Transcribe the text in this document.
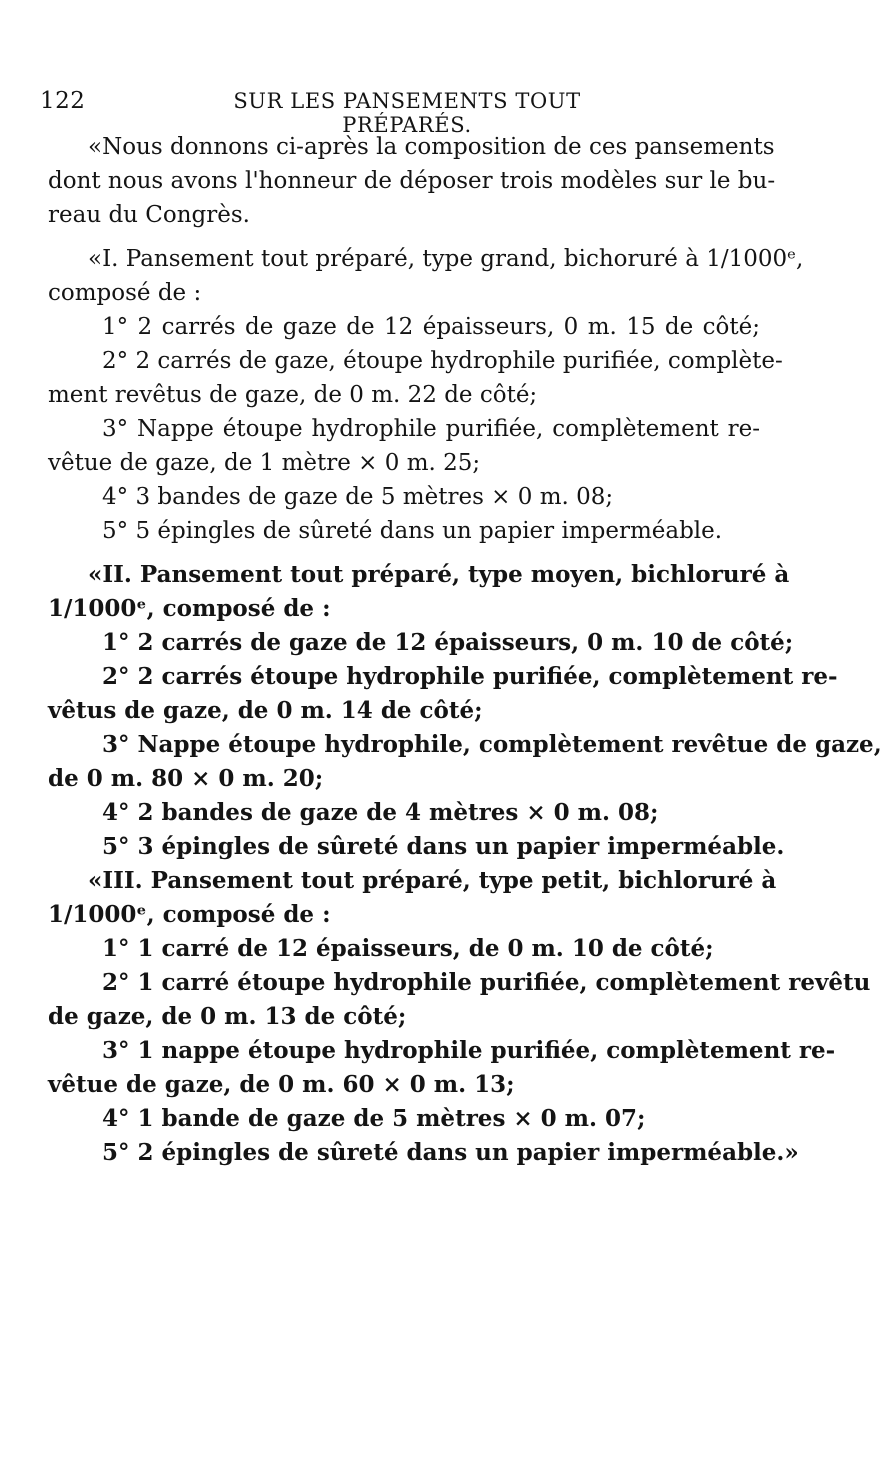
122	SUR LES PANSEMENTS TOUT PRÉPARÉS.
«Nous donnons ci-après la composition de ces pansements
dont nous avons l'honneur de déposer trois modèles sur le bu-
reau du Congrès.
«I. Pansement tout préparé, type grand, bichoruré à 1/1000ᵉ,
composé de :
1° 2 carrés de gaze de 12 épaisseurs, 0 m. 15 de côté;
2° 2 carrés de gaze, étoupe hydrophile purifiée, complète-
ment revêtus de gaze, de 0 m. 22 de côté;
3° Nappe étoupe hydrophile purifiée, complètement re-
vêtue de gaze, de 1 mètre × 0 m. 25;
4° 3 bandes de gaze de 5 mètres × 0 m. 08;
5° 5 épingles de sûreté dans un papier imperméable.
«II. Pansement tout préparé, type moyen, bichloruré à
1/1000ᵉ, composé de :
1° 2 carrés de gaze de 12 épaisseurs, 0 m. 10 de côté;
2° 2 carrés étoupe hydrophile purifiée, complètement re-
vêtus de gaze, de 0 m. 14 de côté;
3° Nappe étoupe hydrophile, complètement revêtue de gaze,
de 0 m. 80 × 0 m. 20;
4° 2 bandes de gaze de 4 mètres × 0 m. 08;
5° 3 épingles de sûreté dans un papier imperméable.
«III. Pansement tout préparé, type petit, bichloruré à
1/1000ᵉ, composé de :
1° 1 carré de 12 épaisseurs, de 0 m. 10 de côté;
2° 1 carré étoupe hydrophile purifiée, complètement revêtu
de gaze, de 0 m. 13 de côté;
3° 1 nappe étoupe hydrophile purifiée, complètement re-
vêtue de gaze, de 0 m. 60 × 0 m. 13;
4° 1 bande de gaze de 5 mètres × 0 m. 07;
5° 2 épingles de sûreté dans un papier imperméable.»
